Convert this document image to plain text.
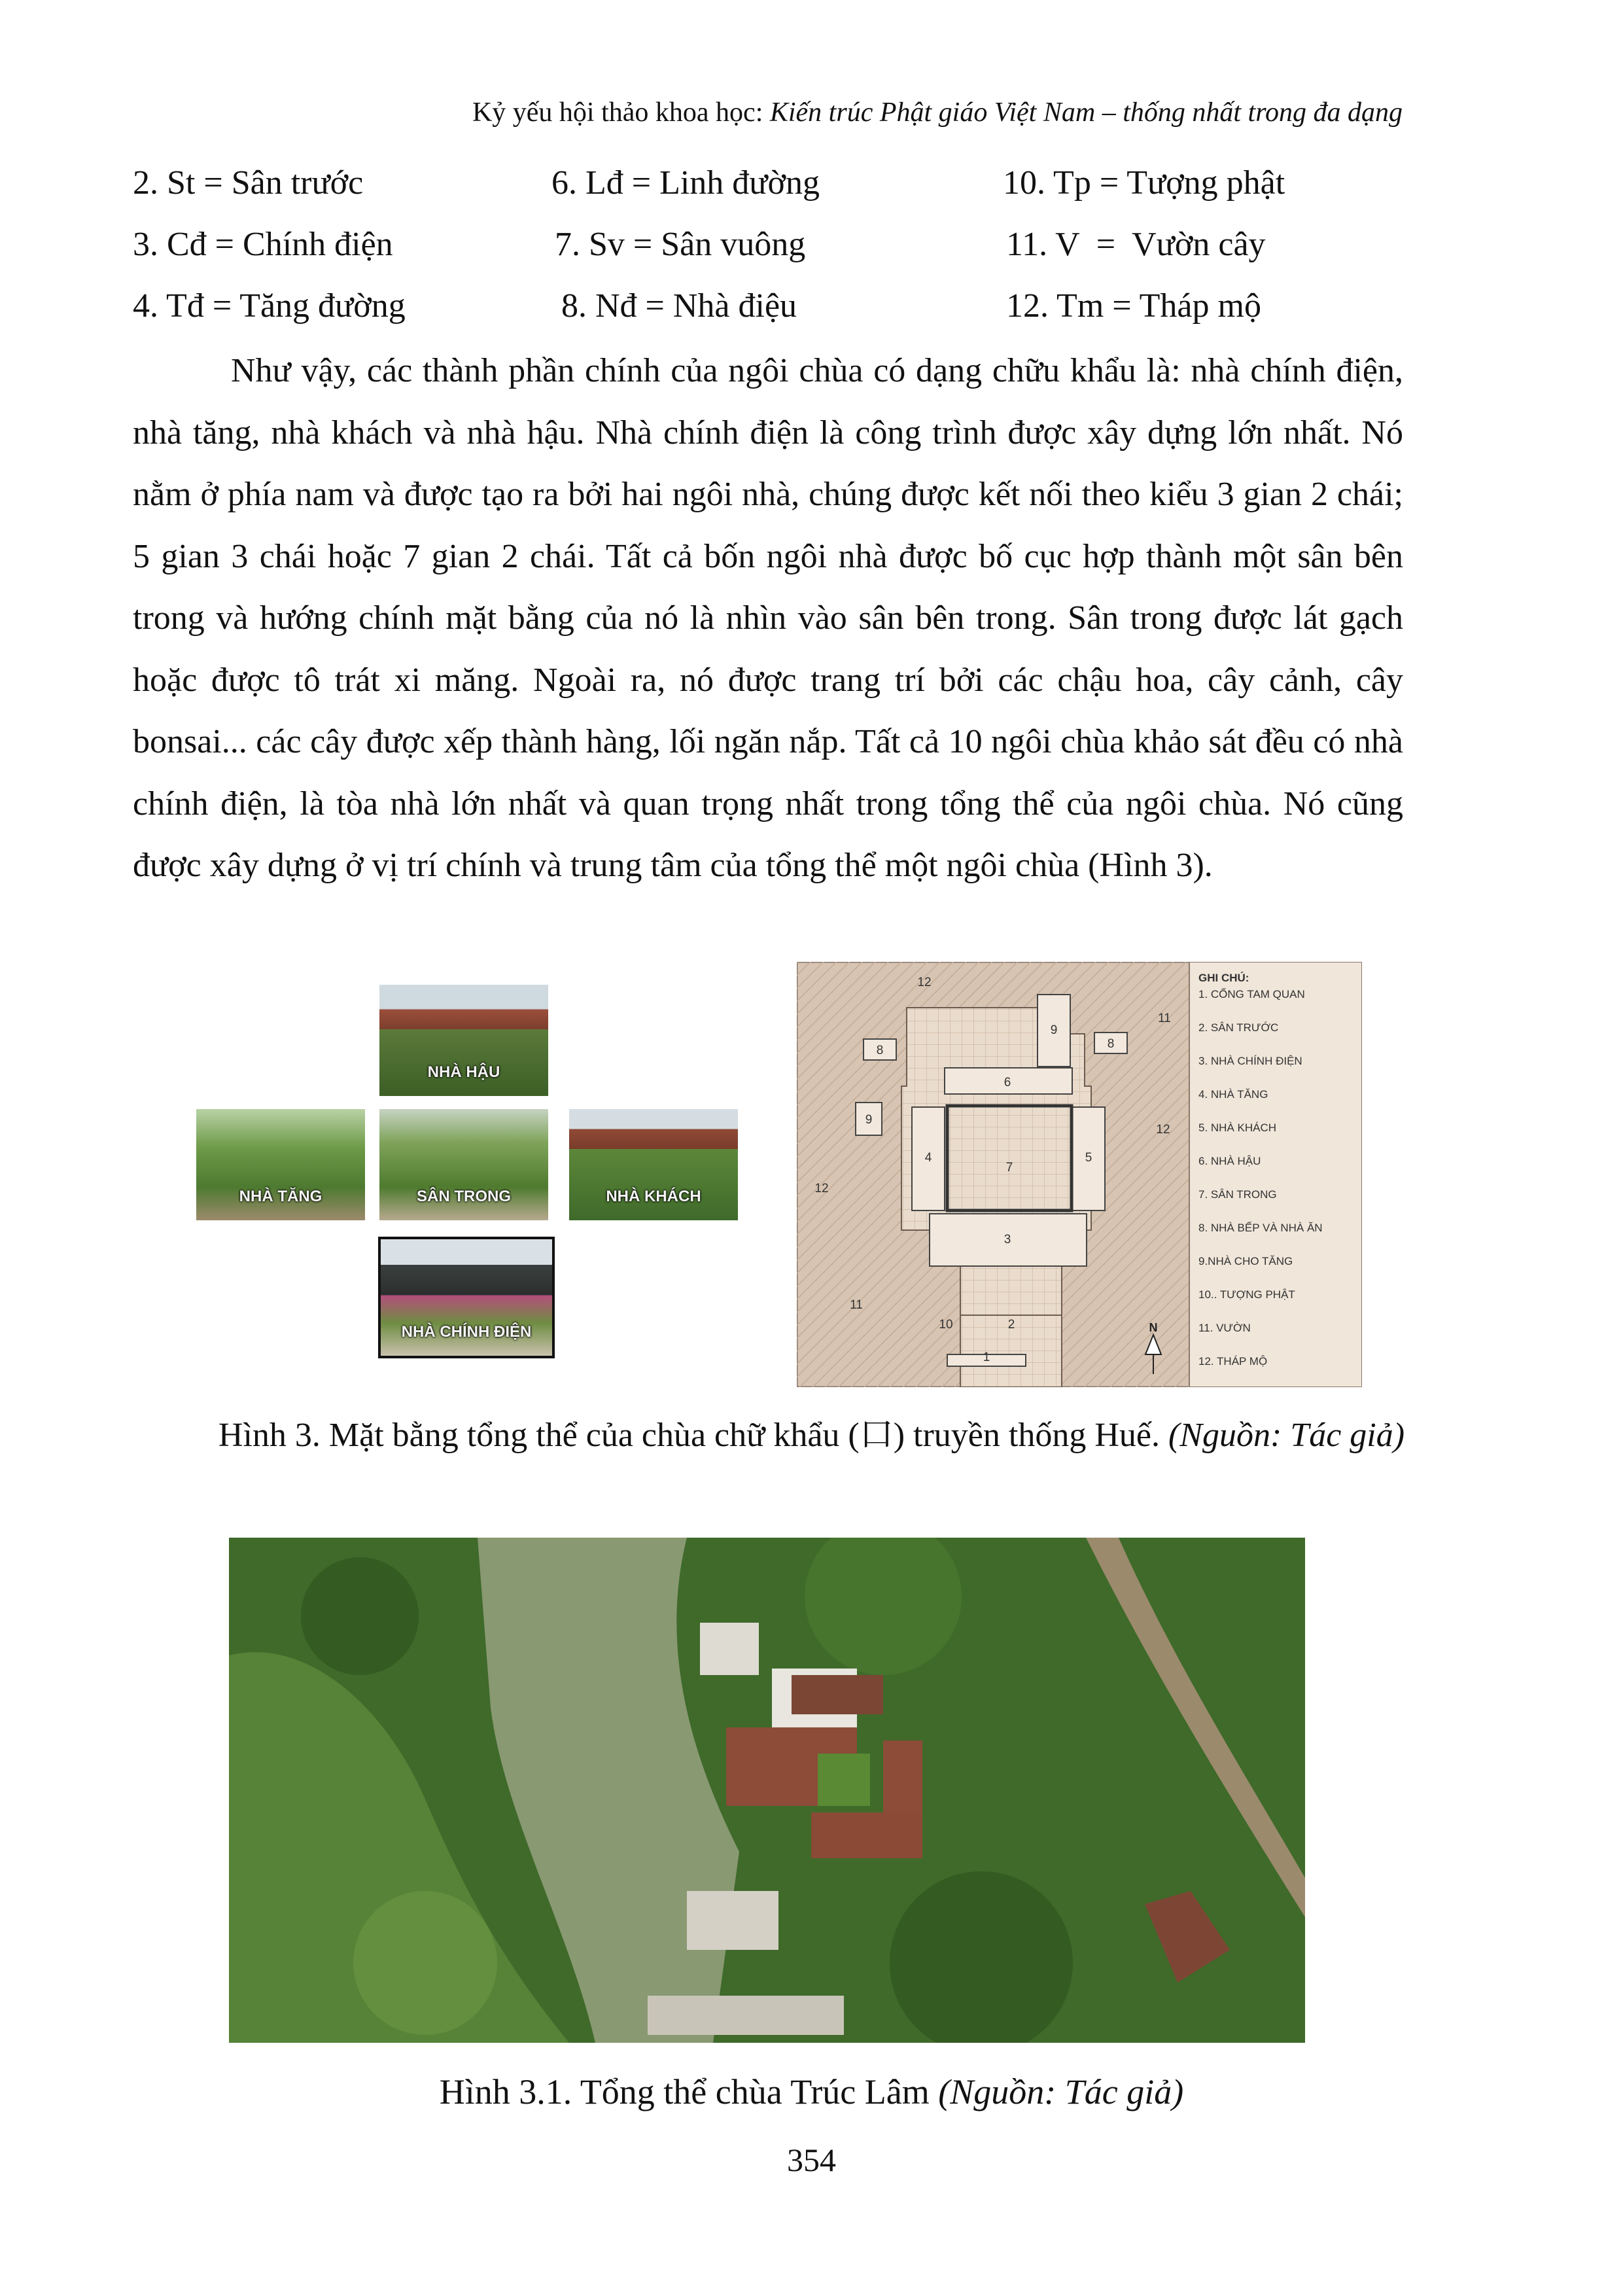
Kỷ yếu hội thảo khoa học: Kiến trúc Phật giáo Việt Nam – thống nhất trong đa dạng
2. St = Sân trước	6. Lđ = Linh đường	10. Tp = Tượng phật
3. Cđ = Chính điện	7. Sv = Sân vuông	11. V  =  Vườn cây
4. Tđ = Tăng đường	8. Nđ = Nhà điệu	12. Tm = Tháp mộ
Như vậy, các thành phần chính của ngôi chùa có dạng chữu khẩu là: nhà chính điện, nhà tăng, nhà khách và nhà hậu. Nhà chính điện là công trình được xây dựng lớn nhất. Nó nằm ở phía nam và được tạo ra bởi hai ngôi nhà, chúng được kết nối theo kiểu 3 gian 2 chái; 5 gian 3 chái hoặc 7 gian 2 chái. Tất cả bốn ngôi nhà được bố cục hợp thành một sân bên trong và hướng chính mặt bằng của nó là nhìn vào sân bên trong. Sân trong được lát gạch hoặc được tô trát xi măng. Ngoài ra, nó được trang trí bởi các chậu hoa, cây cảnh, cây bonsai... các cây được xếp thành hàng, lối ngăn nắp. Tất cả 10 ngôi chùa khảo sát đều có nhà chính điện, là tòa nhà lớn nhất và quan trọng nhất trong tổng thể của ngôi chùa. Nó cũng được xây dựng ở vị trí chính và trung tâm của tổng thể một ngôi chùa (Hình 3).
NHÀ HẬU
NHÀ TĂNG	SÂN TRONG	NHÀ KHÁCH
NHÀ CHÍNH ĐIỆN
1
2
3
4	5
6
7
8	8
9
9
10
11
11
12
12
12
N
GHI CHÚ:
1. CỔNG TAM QUAN
2. SÂN TRƯỚC
3. NHÀ CHÍNH ĐIỆN
4. NHÀ TĂNG
5. NHÀ KHÁCH
6. NHÀ HẬU
7. SÂN TRONG
8. NHÀ BẾP VÀ NHÀ ĂN
9.NHÀ CHO TĂNG
10.. TƯỢNG PHẬT
11. VƯỜN
12. THÁP MỘ
Hình 3. Mặt bằng tổng thể của chùa chữ khẩu (口) truyền thống Huế. (Nguồn: Tác giả)
Hình 3.1. Tổng thể chùa Trúc Lâm (Nguồn: Tác giả)
354
